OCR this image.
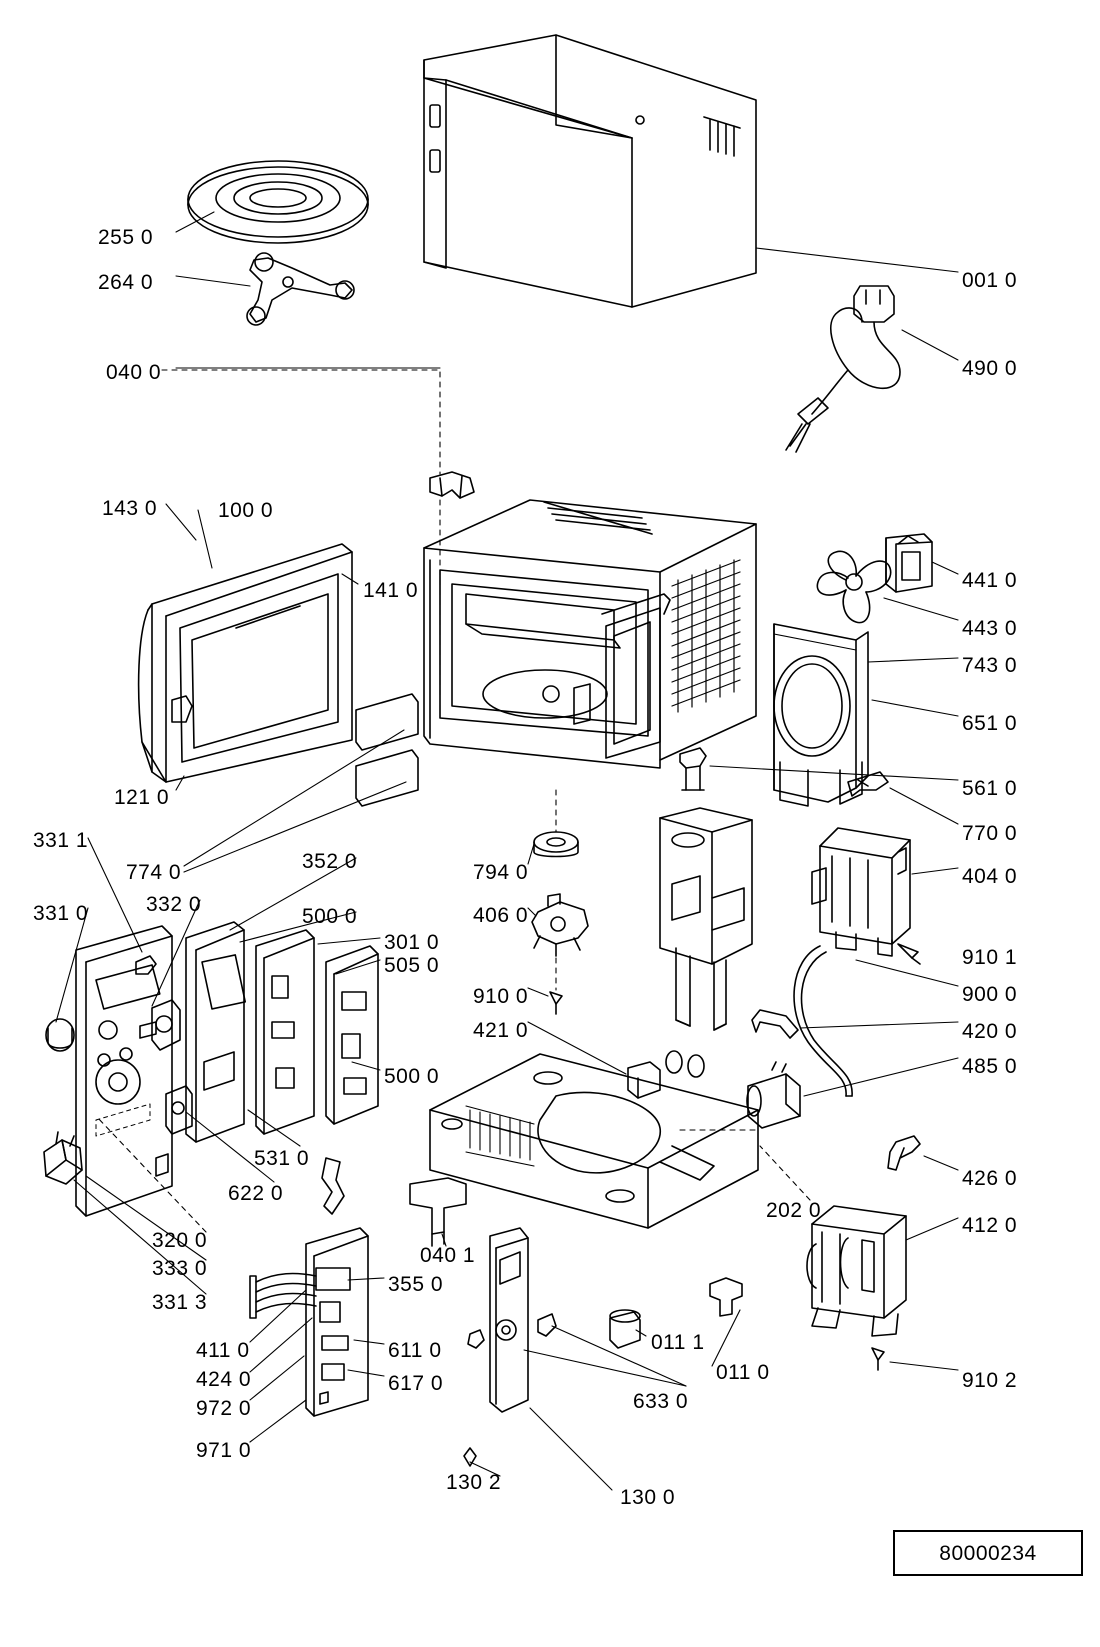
80000234
255 0
264 0	001 0
490 0
040 0
143 0	100 0
141 0
121 0
441 0
443 0
743 0
651 0
561 0
770 0
404 0
910 1
900 0
420 0
485 0
426 0
412 0
910 2
202 0
331 1
331 0
774 0	352 0
332 0
500 0
301 0
505 0
500 0
531 0
622 0
320 0
333 0
331 3
794 0
406 0
910 0
421 0
040 1
355 0
411 0
424 0
972 0
971 0
611 0
617 0
011 1
011 0
633 0
130 2
130 0
